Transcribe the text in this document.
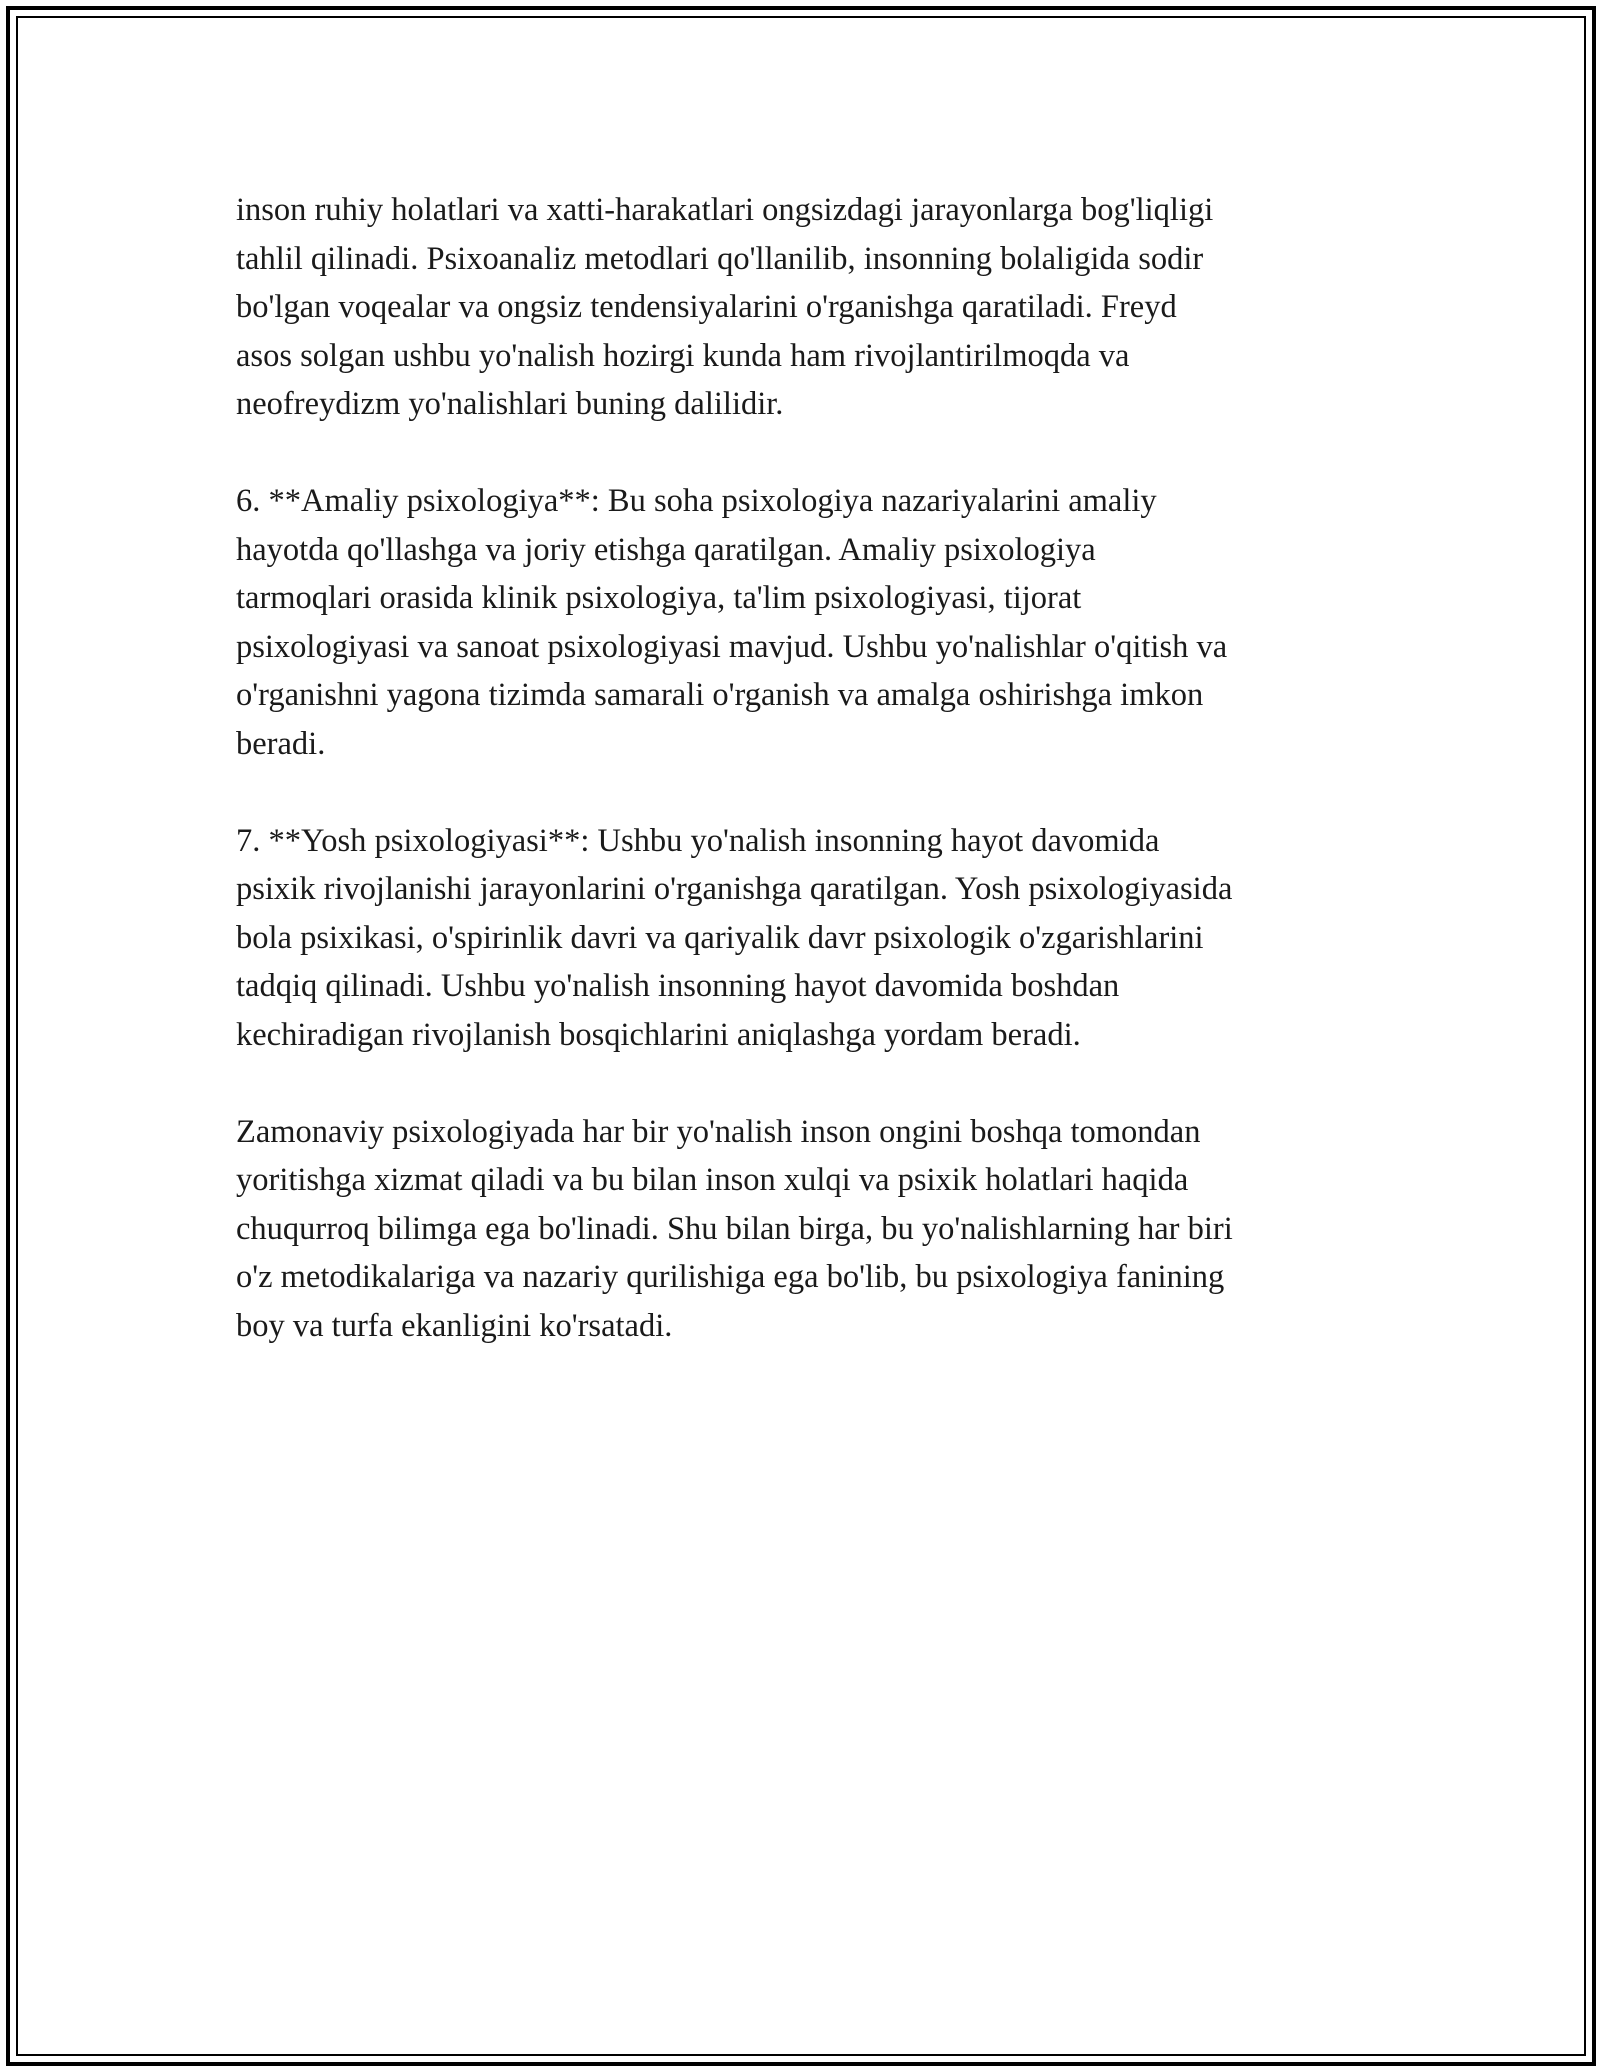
inson ruhiy holatlari va xatti-harakatlari ongsizdagi jarayonlarga bog'liqligi
tahlil qilinadi. Psixoanaliz metodlari qo'llanilib, insonning bolaligida sodir
bo'lgan voqealar va ongsiz tendensiyalarini o'rganishga qaratiladi. Freyd
asos solgan ushbu yo'nalish hozirgi kunda ham rivojlantirilmoqda va
neofreydizm yo'nalishlari buning dalilidir.

6. **Amaliy psixologiya**: Bu soha psixologiya nazariyalarini amaliy
hayotda qo'llashga va joriy etishga qaratilgan. Amaliy psixologiya
tarmoqlari orasida klinik psixologiya, ta'lim psixologiyasi, tijorat
psixologiyasi va sanoat psixologiyasi mavjud. Ushbu yo'nalishlar o'qitish va
o'rganishni yagona tizimda samarali o'rganish va amalga oshirishga imkon
beradi.

7. **Yosh psixologiyasi**: Ushbu yo'nalish insonning hayot davomida
psixik rivojlanishi jarayonlarini o'rganishga qaratilgan. Yosh psixologiyasida
bola psixikasi, o'spirinlik davri va qariyalik davr psixologik o'zgarishlarini
tadqiq qilinadi. Ushbu yo'nalish insonning hayot davomida boshdan
kechiradigan rivojlanish bosqichlarini aniqlashga yordam beradi.

Zamonaviy psixologiyada har bir yo'nalish inson ongini boshqa tomondan
yoritishga xizmat qiladi va bu bilan inson xulqi va psixik holatlari haqida
chuqurroq bilimga ega bo'linadi. Shu bilan birga, bu yo'nalishlarning har biri
o'z metodikalariga va nazariy qurilishiga ega bo'lib, bu psixologiya fanining
boy va turfa ekanligini ko'rsatadi.
